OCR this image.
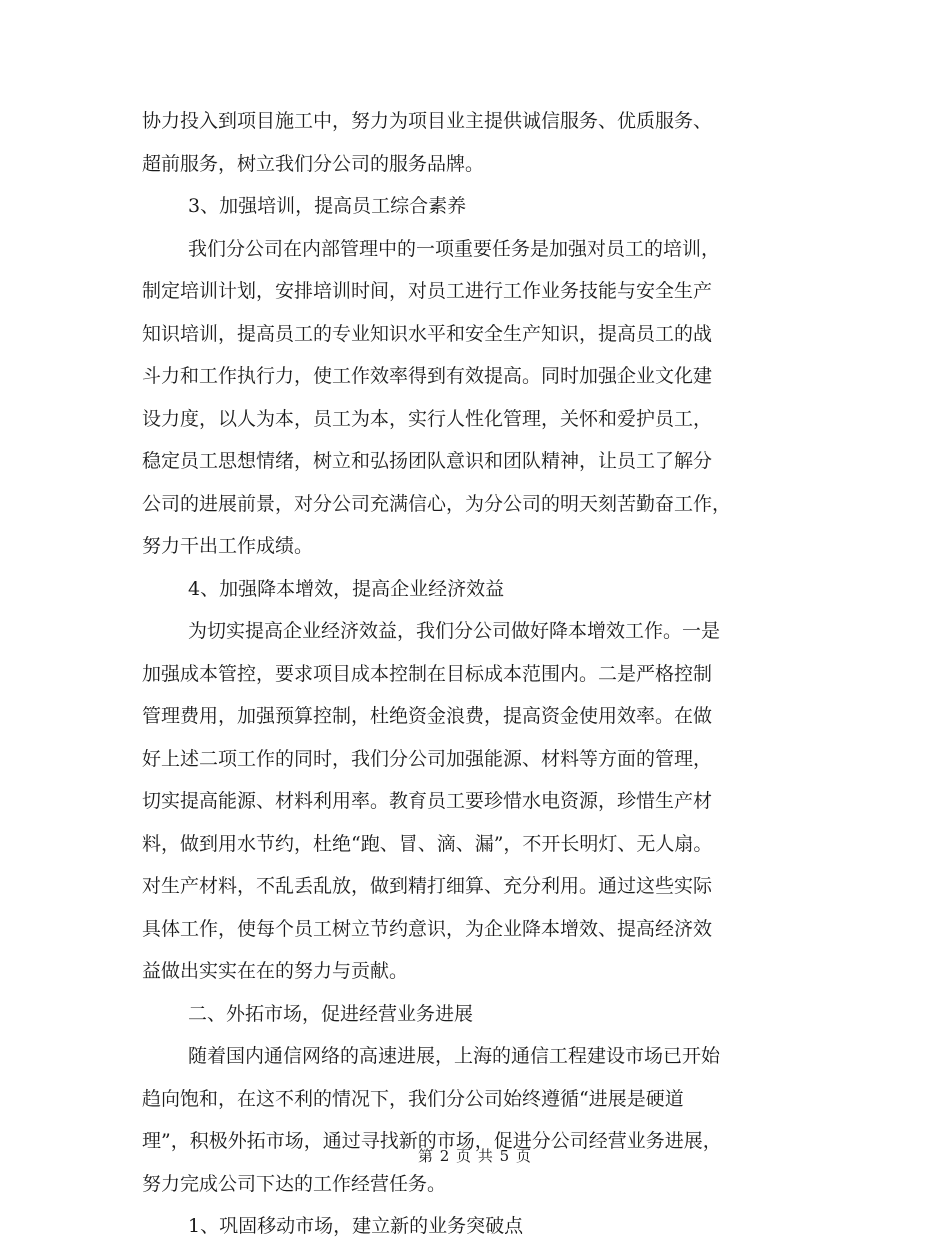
协力投入到项目施工中，努力为项目业主提供诚信服务、优质服务、
超前服务，树立我们分公司的服务品牌。
3、加强培训，提高员工综合素养
我们分公司在内部管理中的一项重要任务是加强对员工的培训，
制定培训计划，安排培训时间，对员工进行工作业务技能与安全生产
知识培训，提高员工的专业知识水平和安全生产知识，提高员工的战
斗力和工作执行力，使工作效率得到有效提高。同时加强企业文化建
设力度，以人为本，员工为本，实行人性化管理，关怀和爱护员工，
稳定员工思想情绪，树立和弘扬团队意识和团队精神，让员工了解分
公司的进展前景，对分公司充满信心，为分公司的明天刻苦勤奋工作，
努力干出工作成绩。
4、加强降本增效，提高企业经济效益
为切实提高企业经济效益，我们分公司做好降本增效工作。一是
加强成本管控，要求项目成本控制在目标成本范围内。二是严格控制
管理费用，加强预算控制，杜绝资金浪费，提高资金使用效率。在做
好上述二项工作的同时，我们分公司加强能源、材料等方面的管理，
切实提高能源、材料利用率。教育员工要珍惜水电资源，珍惜生产材
料，做到用水节约，杜绝“跑、冒、滴、漏”，不开长明灯、无人扇。
对生产材料，不乱丢乱放，做到精打细算、充分利用。通过这些实际
具体工作，使每个员工树立节约意识，为企业降本增效、提高经济效
益做出实实在在的努力与贡献。
二、外拓市场，促进经营业务进展
随着国内通信网络的高速进展，上海的通信工程建设市场已开始
趋向饱和，在这不利的情况下，我们分公司始终遵循“进展是硬道
理”，积极外拓市场，通过寻找新的市场，促进分公司经营业务进展，
努力完成公司下达的工作经营任务。
1、巩固移动市场，建立新的业务突破点
第 2 页 共 5 页
